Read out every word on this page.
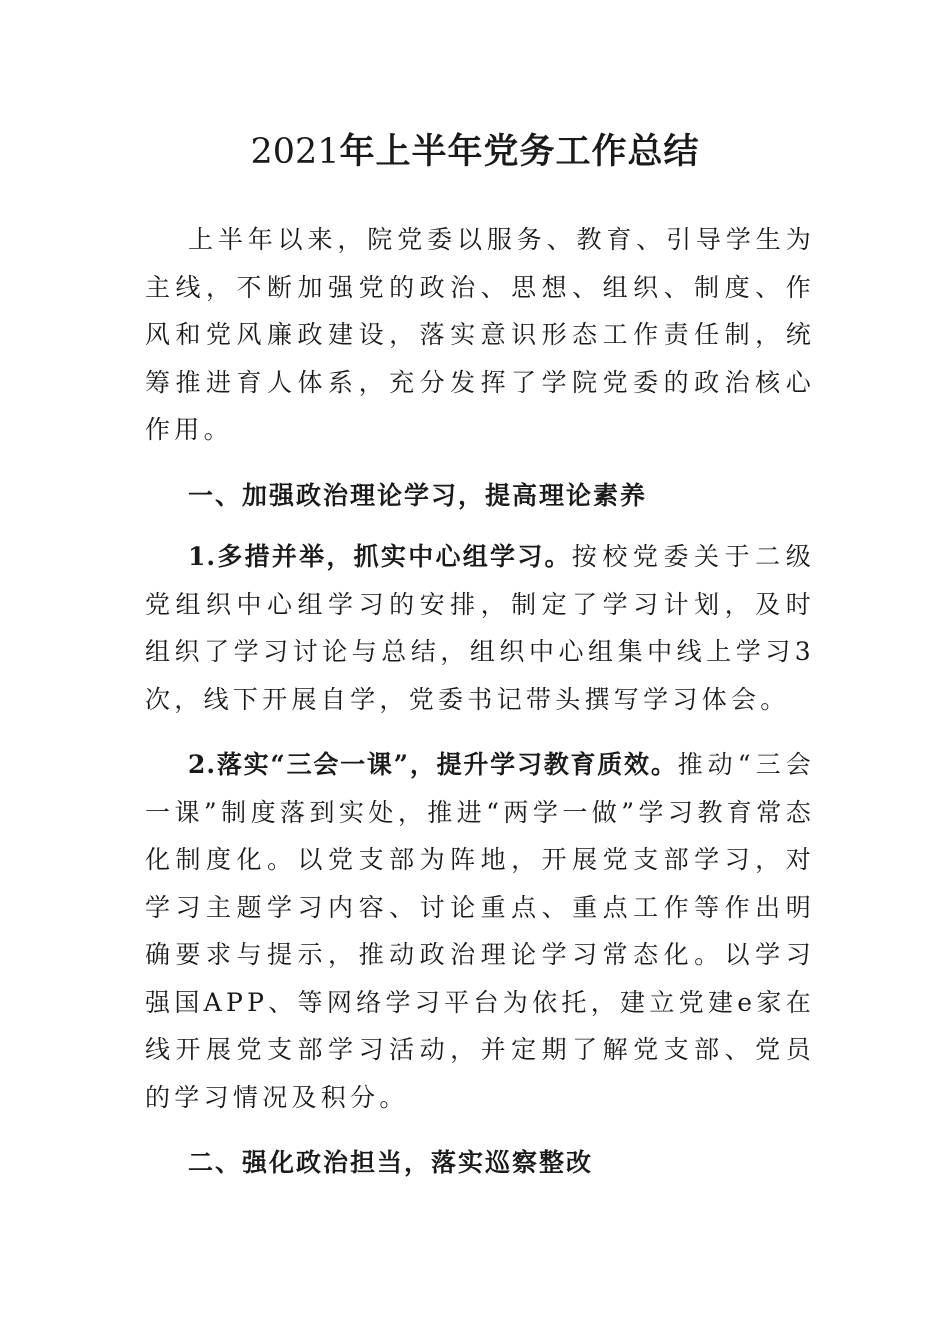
2021年上半年党务工作总结

上半年以来，院党委以服务、教育、引导学生为主线，不断加强党的政治、思想、组织、制度、作风和党风廉政建设，落实意识形态工作责任制，统筹推进育人体系，充分发挥了学院党委的政治核心作用。

一、加强政治理论学习，提高理论素养

1.多措并举，抓实中心组学习。按校党委关于二级党组织中心组学习的安排，制定了学习计划，及时组织了学习讨论与总结，组织中心组集中线上学习3次，线下开展自学，党委书记带头撰写学习体会。

2.落实“三会一课”，提升学习教育质效。推动“三会一课”制度落到实处，推进“两学一做”学习教育常态化制度化。以党支部为阵地，开展党支部学习，对学习主题学习内容、讨论重点、重点工作等作出明确要求与提示，推动政治理论学习常态化。以学习强国APP、等网络学习平台为依托，建立党建e家在线开展党支部学习活动，并定期了解党支部、党员的学习情况及积分。

二、强化政治担当，落实巡察整改
